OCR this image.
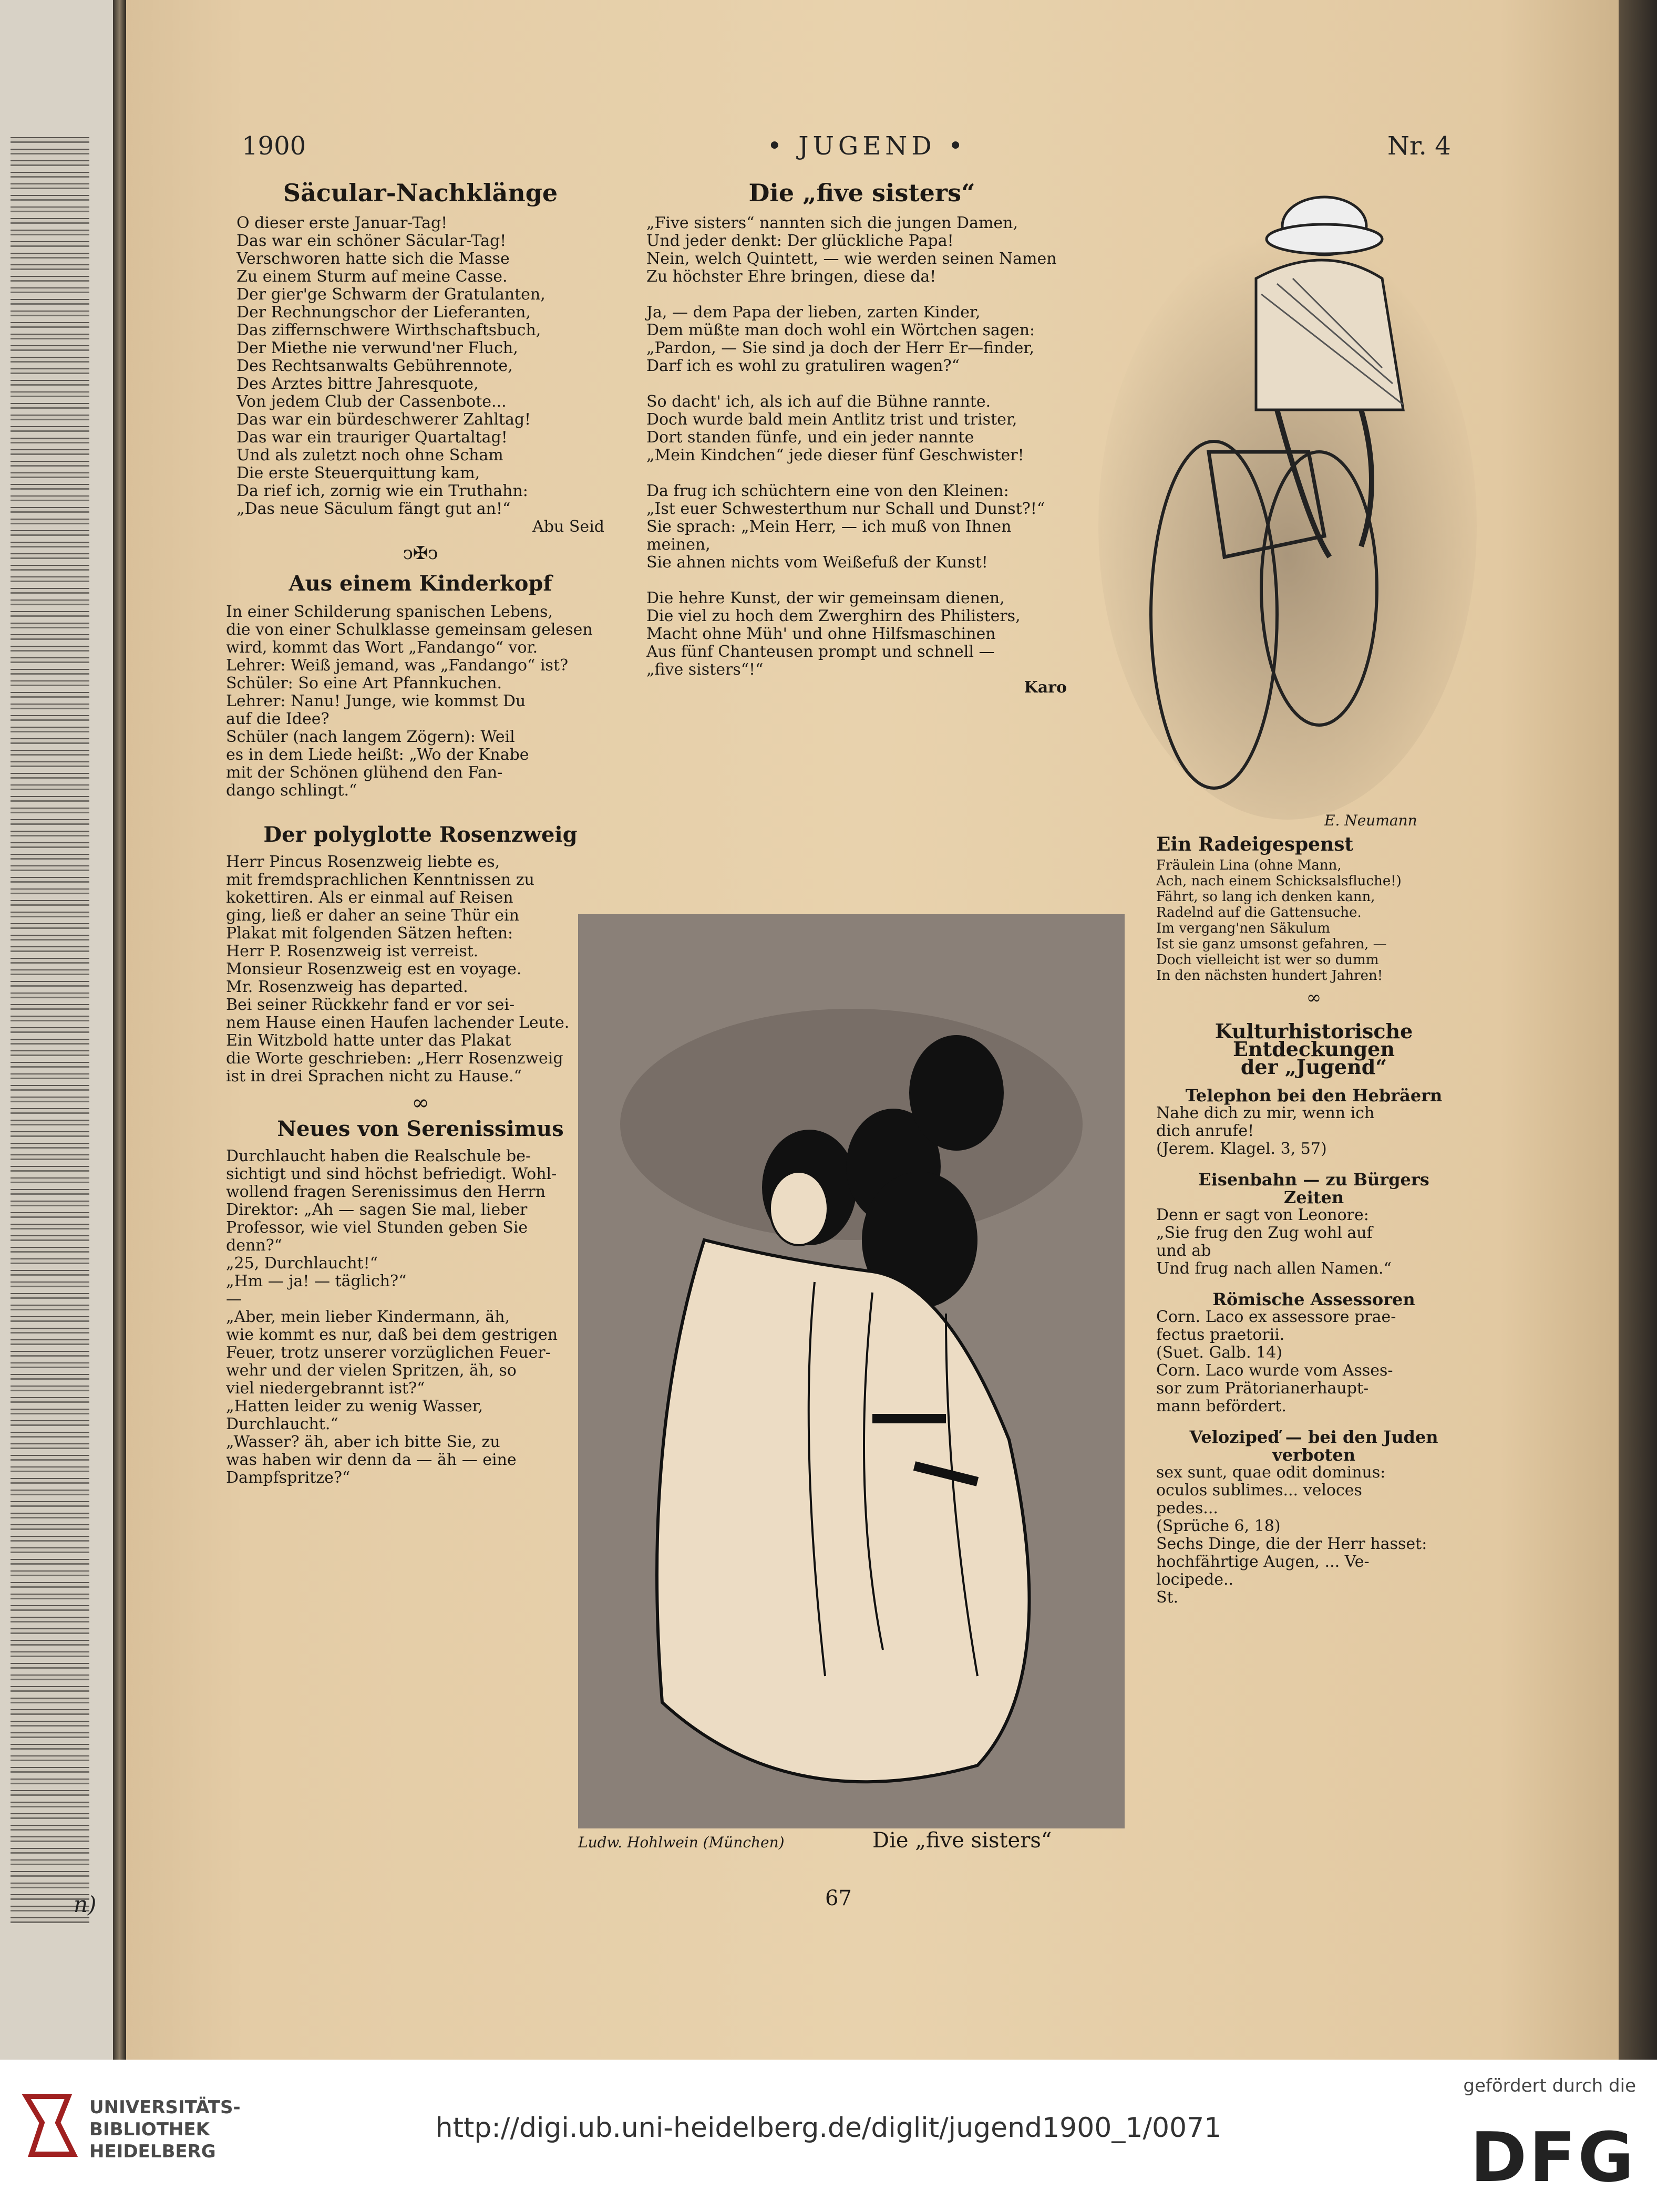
n)
1900	• JUGEND •	Nr. 4
Säcular-Nachklänge
O dieser erste Januar-Tag!
Das war ein schöner Säcular-Tag!
Verschworen hatte sich die Masse
Zu einem Sturm auf meine Casse.
Der gier'ge Schwarm der Gratulanten,
Der Rechnungschor der Lieferanten,
Das ziffernschwere Wirthschaftsbuch,
Der Miethe nie verwund'ner Fluch,
Des Rechtsanwalts Gebührennote,
Des Arztes bittre Jahresquote,
Von jedem Club der Cassenbote...
Das war ein bürdeschwerer Zahltag!
Das war ein trauriger Quartaltag!
Und als zuletzt noch ohne Scham
Die erste Steuerquittung kam,
Da rief ich, zornig wie ein Truthahn:
„Das neue Säculum fängt gut an!“
Abu Seid
ↄ✠ↄ
Aus einem Kinderkopf
In einer Schilderung spanischen Lebens,
die von einer Schulklasse gemeinsam gelesen
wird, kommt das Wort „Fandango“ vor.
Lehrer: Weiß jemand, was „Fandango“ ist?
Schüler: So eine Art Pfannkuchen.
Lehrer: Nanu! Junge, wie kommst Du
auf die Idee?
Schüler (nach langem Zögern): Weil
es in dem Liede heißt: „Wo der Knabe
mit der Schönen glühend den Fan-
dango schlingt.“
Der polyglotte Rosenzweig
Herr Pincus Rosenzweig liebte es,
mit fremdsprachlichen Kenntnissen zu
kokettiren. Als er einmal auf Reisen
ging, ließ er daher an seine Thür ein
Plakat mit folgenden Sätzen heften:
Herr P. Rosenzweig ist verreist.
Monsieur Rosenzweig est en voyage.
Mr. Rosenzweig has departed.
Bei seiner Rückkehr fand er vor sei-
nem Hause einen Haufen lachender Leute.
Ein Witzbold hatte unter das Plakat
die Worte geschrieben: „Herr Rosenzweig
ist in drei Sprachen nicht zu Hause.“
∞
Neues von Serenissimus
Durchlaucht haben die Realschule be-
sichtigt und sind höchst befriedigt. Wohl-
wollend fragen Serenissimus den Herrn
Direktor: „Ah — sagen Sie mal, lieber
Professor, wie viel Stunden geben Sie
denn?“
„25, Durchlaucht!“
„Hm — ja! — täglich?“
—
„Aber, mein lieber Kindermann, äh,
wie kommt es nur, daß bei dem gestrigen
Feuer, trotz unserer vorzüglichen Feuer-
wehr und der vielen Spritzen, äh, so
viel niedergebrannt ist?“
„Hatten leider zu wenig Wasser,
Durchlaucht.“
„Wasser? äh, aber ich bitte Sie, zu
was haben wir denn da — äh — eine
Dampfspritze?“
Die „five sisters“
„Five sisters“ nannten sich die jungen Damen,
Und jeder denkt: Der glückliche Papa!
Nein, welch Quintett, — wie werden seinen Namen
Zu höchster Ehre bringen, diese da!

Ja, — dem Papa der lieben, zarten Kinder,
Dem müßte man doch wohl ein Wörtchen sagen:
„Pardon, — Sie sind ja doch der Herr Er—finder,
Darf ich es wohl zu gratuliren wagen?“

So dacht' ich, als ich auf die Bühne rannte.
Doch wurde bald mein Antlitz trist und trister,
Dort standen fünfe, und ein jeder nannte
„Mein Kindchen“ jede dieser fünf Geschwister!

Da frug ich schüchtern eine von den Kleinen:
„Ist euer Schwesterthum nur Schall und Dunst?!“
Sie sprach: „Mein Herr, — ich muß von Ihnen
meinen,
Sie ahnen nichts vom Weißefuß der Kunst!

Die hehre Kunst, der wir gemeinsam dienen,
Die viel zu hoch dem Zwerghirn des Philisters,
Macht ohne Müh' und ohne Hilfsmaschinen
Aus fünf Chanteusen prompt und schnell —
„five sisters“!“
Karo
E. Neumann
Ein Radeigespenst
Fräulein Lina (ohne Mann,
Ach, nach einem Schicksalsfluche!)
Fährt, so lang ich denken kann,
Radelnd auf die Gattensuche.
Im vergang'nen Säkulum
Ist sie ganz umsonst gefahren, —
Doch vielleicht ist wer so dumm
In den nächsten hundert Jahren!
∞
Kulturhistorische Entdeckungen
der „Jugend“
Telephon bei den Hebräern
Nahe dich zu mir, wenn ich
dich anrufe!
(Jerem. Klagel. 3, 57)
Eisenbahn — zu Bürgers
Zeiten
Denn er sagt von Leonore:
„Sie frug den Zug wohl auf
und ab
Und frug nach allen Namen.“
Römische Assessoren
Corn. Laco ex assessore prae-
fectus praetorii.
(Suet. Galb. 14)
Corn. Laco wurde vom Asses-
sor zum Prätorianerhaupt-
mann befördert.
Velozipeď — bei den Juden
verboten
sex sunt, quae odit dominus:
oculos sublimes... veloces
pedes...
(Sprüche 6, 18)
Sechs Dinge, die der Herr hasset:
hochfährtige Augen, ... Ve-
locipede..
St.
Ludw. Hohlwein (München)	Die „five sisters“
67
UNIVERSITÄTS-
BIBLIOTHEK
HEIDELBERG
http://digi.ub.uni-heidelberg.de/diglit/jugend1900_1/0071
gefördert durch die
DFG
